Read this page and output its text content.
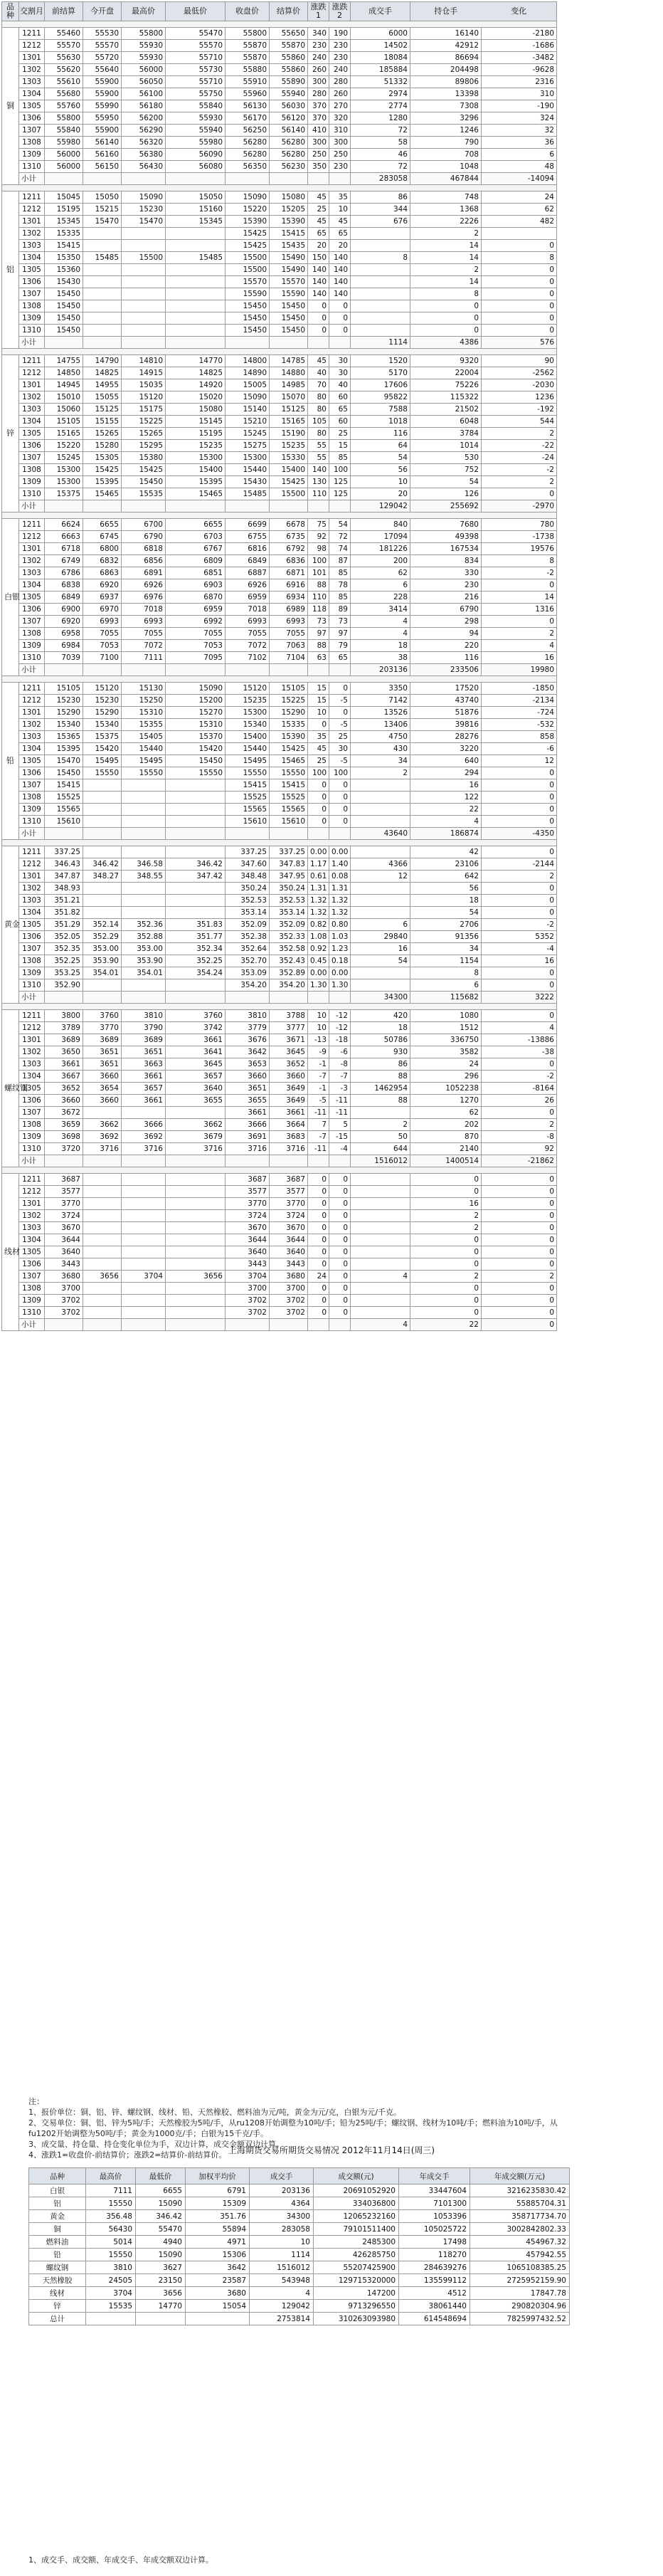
品种	交割月	前结算	今开盘	最高价	最低价	收盘价	结算价	涨跌1	涨跌2	成交手	持仓手	变化

铜	1211	55460	55530	55800	55470	55800	55650	340	190	6000	16140	-2180
	1212	55570	55570	55930	55570	55870	55870	230	230	14502	42912	-1686
	1301	55630	55720	55930	55710	55870	55860	240	230	18084	86694	-3482
	1302	55620	55640	56000	55730	55880	55860	260	240	185884	204498	-9628
	1303	55610	55900	56050	55710	55910	55890	300	280	51332	89806	2316
	1304	55680	55900	56100	55750	55960	55940	280	260	2974	13398	310
	1305	55760	55990	56180	55840	56130	56030	370	270	2774	7308	-190
	1306	55800	55950	56200	55930	56170	56120	370	320	1280	3296	324
	1307	55840	55900	56290	55940	56250	56140	410	310	72	1246	32
	1308	55980	56140	56320	55980	56280	56280	300	300	58	790	36
	1309	56000	56160	56380	56090	56280	56280	250	250	46	708	6
	1310	56000	56150	56430	56080	56350	56230	350	230	72	1048	48
	小计									283058	467844	-14094

铝	1211	15045	15050	15090	15050	15090	15080	45	35	86	748	24
	1212	15195	15215	15230	15160	15220	15205	25	10	344	1368	62
	1301	15345	15470	15470	15345	15390	15390	45	45	676	2226	482
	1302	15335				15425	15415	65	65		2	
	1303	15415				15425	15435	20	20		14	0
	1304	15350	15485	15500	15485	15500	15490	150	140	8	14	8
	1305	15360				15500	15490	140	140		2	0
	1306	15430				15570	15570	140	140		14	0
	1307	15450				15590	15590	140	140		8	0
	1308	15450				15450	15450	0	0		0	0
	1309	15450				15450	15450	0	0		0	0
	1310	15450				15450	15450	0	0		0	0
	小计									1114	4386	576

锌	1211	14755	14790	14810	14770	14800	14785	45	30	1520	9320	90
	1212	14850	14825	14915	14825	14890	14880	40	30	5170	22004	-2562
	1301	14945	14955	15035	14920	15005	14985	70	40	17606	75226	-2030
	1302	15010	15055	15120	15020	15090	15070	80	60	95822	115322	1236
	1303	15060	15125	15175	15080	15140	15125	80	65	7588	21502	-192
	1304	15105	15155	15225	15145	15210	15165	105	60	1018	6048	544
	1305	15165	15265	15265	15195	15245	15190	80	25	116	3784	2
	1306	15220	15280	15295	15235	15275	15235	55	15	64	1014	-22
	1307	15245	15305	15380	15300	15300	15330	55	85	54	530	-24
	1308	15300	15425	15425	15400	15440	15400	140	100	56	752	-2
	1309	15300	15395	15450	15395	15430	15425	130	125	10	54	2
	1310	15375	15465	15535	15465	15485	15500	110	125	20	126	0
	小计									129042	255692	-2970

白银	1211	6624	6655	6700	6655	6699	6678	75	54	840	7680	780
	1212	6663	6745	6790	6703	6755	6735	92	72	17094	49398	-1738
	1301	6718	6800	6818	6767	6816	6792	98	74	181226	167534	19576
	1302	6749	6832	6856	6809	6849	6836	100	87	200	834	8
	1303	6786	6863	6891	6851	6887	6871	101	85	62	330	-2
	1304	6838	6920	6926	6903	6926	6916	88	78	6	230	0
	1305	6849	6937	6976	6870	6959	6934	110	85	228	216	14
	1306	6900	6970	7018	6959	7018	6989	118	89	3414	6790	1316
	1307	6920	6993	6993	6992	6993	6993	73	73	4	298	0
	1308	6958	7055	7055	7055	7055	7055	97	97	4	94	2
	1309	6984	7053	7072	7053	7072	7063	88	79	18	220	4
	1310	7039	7100	7111	7095	7102	7104	63	65	38	116	16
	小计									203136	233506	19980

铅	1211	15105	15120	15130	15090	15120	15105	15	0	3350	17520	-1850
	1212	15230	15230	15250	15200	15235	15225	15	-5	7142	43740	-2134
	1301	15290	15290	15310	15270	15300	15290	10	0	13526	51876	-724
	1302	15340	15340	15355	15310	15340	15335	0	-5	13406	39816	-532
	1303	15365	15375	15405	15370	15400	15390	35	25	4750	28276	858
	1304	15395	15420	15440	15420	15440	15425	45	30	430	3220	-6
	1305	15470	15495	15495	15450	15495	15465	25	-5	34	640	12
	1306	15450	15550	15550	15550	15550	15550	100	100	2	294	0
	1307	15415				15415	15415	0	0		16	0
	1308	15525				15525	15525	0	0		122	0
	1309	15565				15565	15565	0	0		22	0
	1310	15610				15610	15610	0	0		4	0
	小计									43640	186874	-4350

黄金	1211	337.25				337.25	337.25	0.00	0.00		42	0
	1212	346.43	346.42	346.58	346.42	347.60	347.83	1.17	1.40	4366	23106	-2144
	1301	347.87	348.27	348.55	347.42	348.48	347.95	0.61	0.08	12	642	2
	1302	348.93				350.24	350.24	1.31	1.31		56	0
	1303	351.21				352.53	352.53	1.32	1.32		18	0
	1304	351.82				353.14	353.14	1.32	1.32		54	0
	1305	351.29	352.14	352.36	351.83	352.09	352.09	0.82	0.80	6	2706	-2
	1306	352.05	352.29	352.88	351.77	352.38	352.33	1.08	1.03	29840	91356	5352
	1307	352.35	353.00	353.00	352.34	352.64	352.58	0.92	1.23	16	34	-4
	1308	352.25	353.90	353.90	352.25	352.70	352.43	0.45	0.18	54	1154	16
	1309	353.25	354.01	354.01	354.24	353.09	352.89	0.00	0.00		8	0
	1310	352.90				354.20	354.20	1.30	1.30		6	0
	小计									34300	115682	3222

螺纹钢	1211	3800	3760	3810	3760	3810	3788	10	-12	420	1080	0
	1212	3789	3770	3790	3742	3779	3777	10	-12	18	1512	4
	1301	3689	3689	3689	3661	3676	3671	-13	-18	50786	336750	-13886
	1302	3650	3651	3651	3641	3642	3645	-9	-6	930	3582	-38
	1303	3661	3651	3663	3645	3653	3652	-1	-8	86	24	0
	1304	3667	3660	3661	3657	3660	3660	-7	-7	88	296	-2
	1305	3652	3654	3657	3640	3651	3649	-1	-3	1462954	1052238	-8164
	1306	3660	3660	3661	3655	3655	3649	-5	-11	88	1270	26
	1307	3672				3661	3661	-11	-11		62	0
	1308	3659	3662	3666	3662	3666	3664	7	5	2	202	2
	1309	3698	3692	3692	3679	3691	3683	-7	-15	50	870	-8
	1310	3720	3716	3716	3716	3716	3716	-11	-4	644	2140	92
	小计									1516012	1400514	-21862

线材	1211	3687				3687	3687	0	0		0	0
	1212	3577				3577	3577	0	0		0	0
	1301	3770				3770	3770	0	0		16	0
	1302	3724				3724	3724	0	0		2	0
	1303	3670				3670	3670	0	0		2	0
	1304	3644				3644	3644	0	0		0	0
	1305	3640				3640	3640	0	0		0	0
	1306	3443				3443	3443	0	0		0	0
	1307	3680	3656	3704	3656	3704	3680	24	0	4	2	2
	1308	3700				3700	3700	0	0		0	0
	1309	3702				3702	3702	0	0		0	0
	1310	3702				3702	3702	0	0		0	0
	小计									4	22	0
注：
1、报价单位：铜、铝、锌、螺纹钢、线材、铅、天然橡胶、燃料油为元/吨，黄金为元/克，白银为元/千克。
2、交易单位：铜、铝、锌为5吨/手；天然橡胶为5吨/手，从ru1208开始调整为10吨/手；铅为25吨/手；螺纹钢、线材为10吨/手；燃料油为10吨/手，从fu1202开始调整为50吨/手；黄金为1000克/手；白银为15千克/手。
3、成交量、持仓量、持仓变化单位为手，双边计算，成交金额双边计算。
4、涨跌1=收盘价-前结算价；涨跌2=结算价-前结算价。 上海期货交易所期货交易情况 2012年11月14日(周三)
品种	最高价	最低价	加权平均价	成交手	成交额(元)	年成交手	年成交额(万元)
白银	7111	6655	6791	203136	20691052920	33447604	3216235830.42
铝	15550	15090	15309	4364	334036800	7101300	55885704.31
黄金	356.48	346.42	351.76	34300	12065232160	1053396	358717734.70
铜	56430	55470	55894	283058	79101511400	105025722	3002842802.33
燃料油	5014	4940	4971	10	2485300	17498	454967.32
铅	15550	15090	15306	1114	426285750	118270	457942.55
螺纹钢	3810	3627	3642	1516012	55207425900	284639276	1065108385.25
天然橡胶	24505	23150	23587	543948	129715320000	135599112	2725952159.90
线材	3704	3656	3680	4	147200	4512	17847.78
锌	15535	14770	15054	129042	9713296550	38061440	290820304.96
总计				2753814	310263093980	614548694	7825997432.52
1、成交手、成交额、年成交手、年成交额双边计算。
